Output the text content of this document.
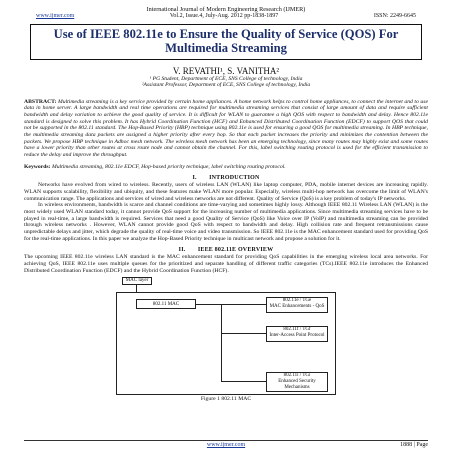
International Journal of Modern Engineering Research (IJMER)
www.ijmer.com	Vol.2, Issue.4, July-Aug. 2012 pp-1838-1897	ISSN: 2249-6645
Use of IEEE 802.11e to Ensure the Quality of Service (QOS) For Multimedia Streaming
V. REVATHI¹, S. VANITHA²
¹ PG Student, Department of ECE, SNS College of technology, India
²Assistant Professor, Department of ECE, SNS College of technology, India
ABSTRACT: Multimedia streaming is a key service provided by certain home appliances. A home network helps to control home appliances, to connect the internet and to use data in home server. A large bandwidth and real time operations are required for multimedia streaming services that consist of large amount of data and require sufficient bandwidth and delay variation to achieve the good quality of service. It is difficult for WLAN to guarantee a high QOS with respect to bandwidth and delay. Hence 802.11e standard is designed to solve this problem. It has Hybrid Coordination Function (HCF) and Enhanced Distributed Coordination Function (EDCF) to support QOS that could not be supported in the 802.11 standard. The Hop-Based Priority (HBP) technique using 802.11e is used for ensuring a good QOS for multimedia streaming. In HBP technique, the multimedia streaming data packets are assigned a higher priority after every hop. So that each packet increases the priority and minimizes the contention between the packets. We propose HBP technique in Adhoc mesh network. The wireless mesh network has been an emerging technology, since many routes may highly exist and some routes have a lower priority than other routes at cross route node and cannot obtain the channel. For this, label switching routing protocol is used for the efficient transmission to reduce the delay and improve the throughput.
Keywords: Multimedia streaming, 802.11e EDCF, Hop-based priority technique, label switching routing protocol.
I.  INTRODUCTION

Networks have evolved from wired to wireless. Recently, users of wireless LAN (WLAN) like laptop computer, PDA, mobile internet devices are increasing rapidly. WLAN supports scalability, flexibility and ubiquity, and these features make WLAN more popular. Especially, wireless multi-hop network has overcome the limit of WLAN's communication range. The applications and services of wired and wireless networks are not different. Quality of Service (QoS) is a key problem of today's IP networks.

In wireless environments, bandwidth is scarce and channel conditions are time-varying and sometimes highly lossy. Although IEEE 802.11 Wireless LAN (WLAN) is the most widely used WLAN standard today, it cannot provide QoS support for the increasing number of multimedia applications. Since multimedia streaming services have to be played in real-time, a large bandwidth is required. Services that need a good Quality of Service (QoS) like Voice over IP (VoIP) and multimedia streaming can be provided through wireless networks . However, WLAN cannot provide good QoS with respect to bandwidth and delay. High collision rate and frequent retransmissions cause unpredictable delays and jitter, which degrade the quality of real-time voice and video transmission. So IEEE 802.11e is the MAC enhancement standard used for providing QoS for the real-time applications. In this paper we analyze the Hop-Based Priority technique in multicast network and propose a solution for it.

II.  IEEE 802.11E OVERVIEW

The upcoming IEEE 802.11e wireless LAN standard is the MAC enhancement standard for providing QoS capabilities in the emerging wireless local area networks. For achieving QoS, IEEE 802.11e uses multiple queues for the prioritized and separate handling of different traffic categories (TCs).IEEE 802.11e introduces the Enhanced Distributed Coordination Function (EDCF) and the Hybrid Coordination Function (HCF).

MAC layer
802.11 MAC
802.11e / TGe
MAC Enhancements - QoS
802.11f / TGf
Inter-Access Point Protocol
802.11i / TGi
Enhanced Security
Mechanisms
Figure 1 802.11 MAC
www.ijmer.com	1888 | Page
